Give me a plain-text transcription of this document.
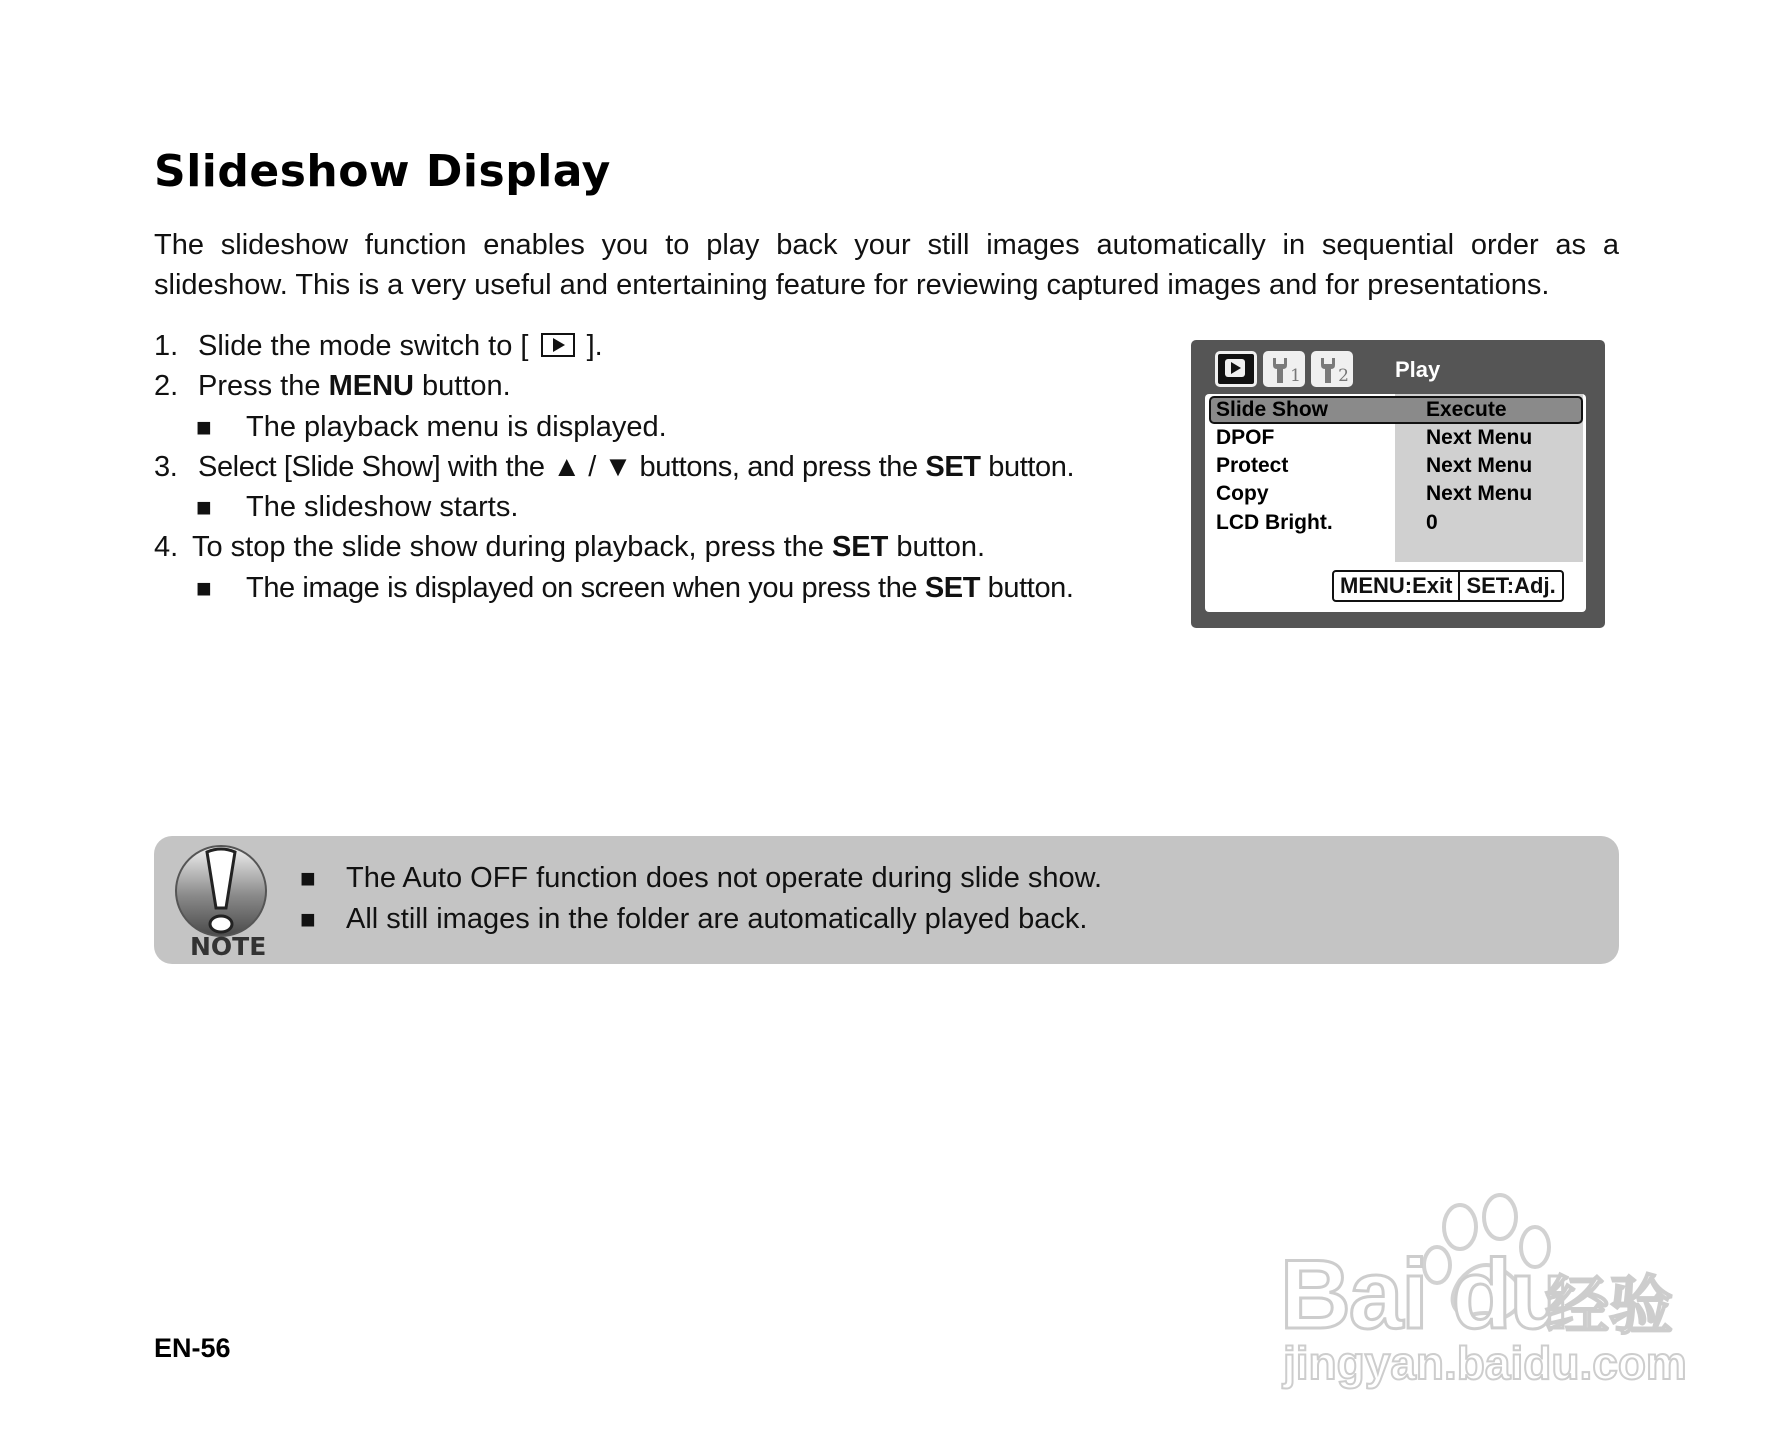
Slideshow Display
The slideshow function enables you to play back your still images automatically in sequential order as a slideshow. This is a very useful and entertaining feature for reviewing captured images and for presentations.
1. Slide the mode switch to [ ].
2. Press the MENU button.
■ The playback menu is displayed.
3. Select [Slide Show] with the ▲ / ▼ buttons, and press the SET button.
■ The slideshow starts.
4. To stop the slide show during playback, press the SET button.
■ The image is displayed on screen when you press the SET button.
1 2 Play
Slide Show	Execute
DPOF	Next Menu
Protect	Next Menu
Copy	Next Menu
LCD Bright.	0
MENU:Exit SET:Adj.
NOTE
■ The Auto OFF function does not operate during slide show.
■ All still images in the folder are automatically played back.
EN-56	Bai du
经验
jingyan.baidu.com
